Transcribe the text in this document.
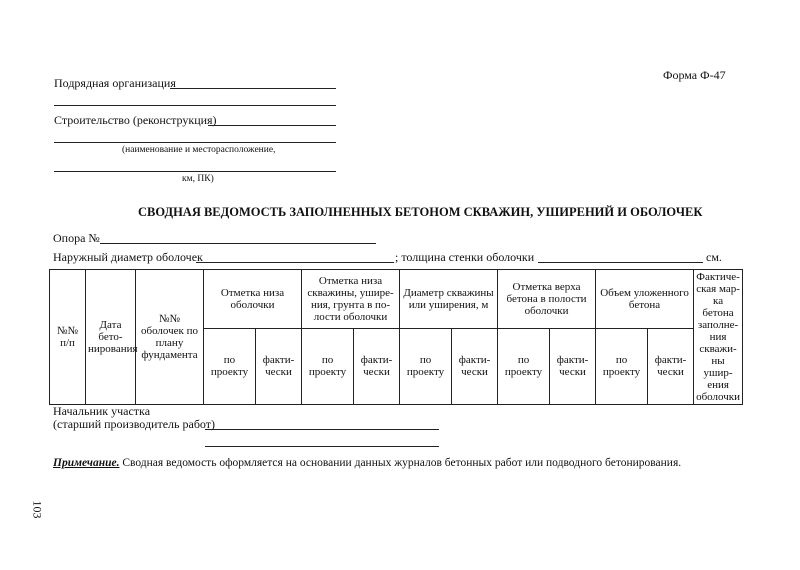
Форма Ф-47
Подрядная организация
Строительство (реконструкция)
(наименование и месторасположение,
км, ПК)
СВОДНАЯ ВЕДОМОСТЬ ЗАПОЛНЕННЫХ БЕТОНОМ СКВАЖИН, УШИРЕНИЙ И ОБОЛОЧЕК
Опора №
Наружный диаметр оболочек	; толщина стенки оболочки	см.
№№ п/п	Дата бето-нирования	№№ оболочек по плану фундамента	Отметка низа оболочки		Отметка низа скважины, ушире-ния, грунта в по-лости оболочки		Диаметр скважины или уширения, м		Отметка верха бетона в полости оболочки		Объем уложенного бетона		Фактиче-ская мар-ка бетона заполне-ния скважи-ны ушир-ения оболочки
			по проекту	факти-чески	по проекту	факти-чески	по проекту	факти-чески	по проекту	факти-чески	по проекту	факти-чески	
Начальник участка
(старший производитель работ)
Примечание. Сводная ведомость оформляется на основании данных журналов бетонных работ или подводного бетонирования.
103
